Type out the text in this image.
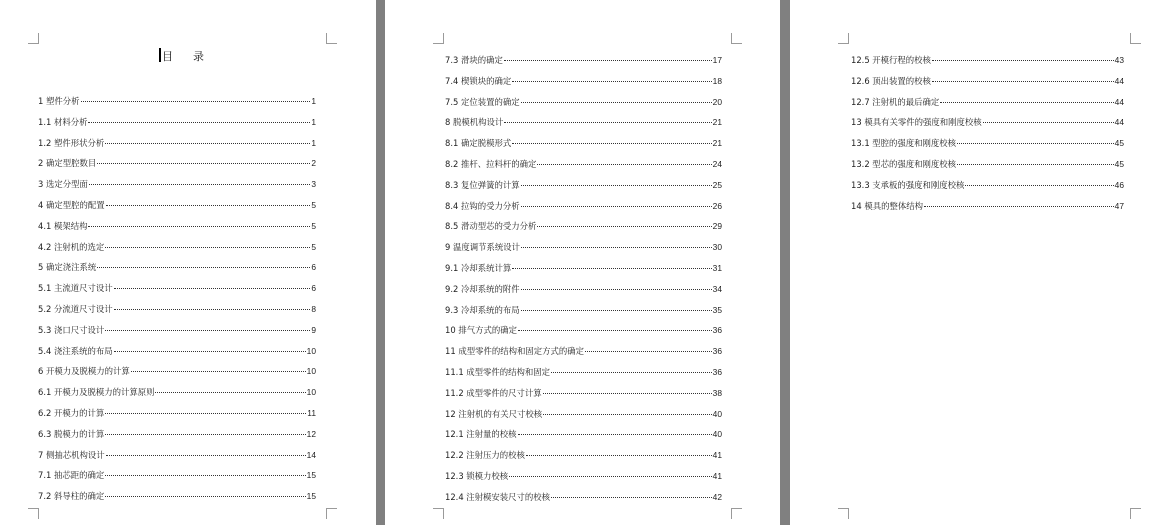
目录
1 塑件分析	1
1.1 材料分析	1
1.2 塑件形状分析	1
2 确定型腔数目	2
3 选定分型面	3
4 确定型腔的配置	5
4.1 模架结构	5
4.2 注射机的选定	5
5 确定浇注系统	6
5.1 主流道尺寸设计	6
5.2 分流道尺寸设计	8
5.3 浇口尺寸设计	9
5.4 浇注系统的布局	10
6 开模力及脱模力的计算	10
6.1 开模力及脱模力的计算原则	10
6.2 开模力的计算	11
6.3 脱模力的计算	12
7 侧抽芯机构设计	14
7.1 抽芯距的确定	15
7.2 斜导柱的确定	15
7.3 滑块的确定	17
7.4 楔锁块的确定	18
7.5 定位装置的确定	20
8 脱模机构设计	21
8.1 确定脱模形式	21
8.2 推杆、拉料杆的确定	24
8.3 复位弹簧的计算	25
8.4 拉钩的受力分析	26
8.5 滑动型芯的受力分析	29
9 温度调节系统设计	30
9.1 冷却系统计算	31
9.2 冷却系统的附件	34
9.3 冷却系统的布局	35
10 排气方式的确定	36
11 成型零件的结构和固定方式的确定	36
11.1 成型零件的结构和固定	36
11.2 成型零件的尺寸计算	38
12 注射机的有关尺寸校核	40
12.1 注射量的校核	40
12.2 注射压力的校核	41
12.3 锁模力校核	41
12.4 注射模安装尺寸的校核	42
12.5 开模行程的校核	43
12.6 顶出装置的校核	44
12.7 注射机的最后确定	44
13 模具有关零件的强度和刚度校核	44
13.1 型腔的强度和刚度校核	45
13.2 型芯的强度和刚度校核	45
13.3 支承板的强度和刚度校核	46
14 模具的整体结构	47
